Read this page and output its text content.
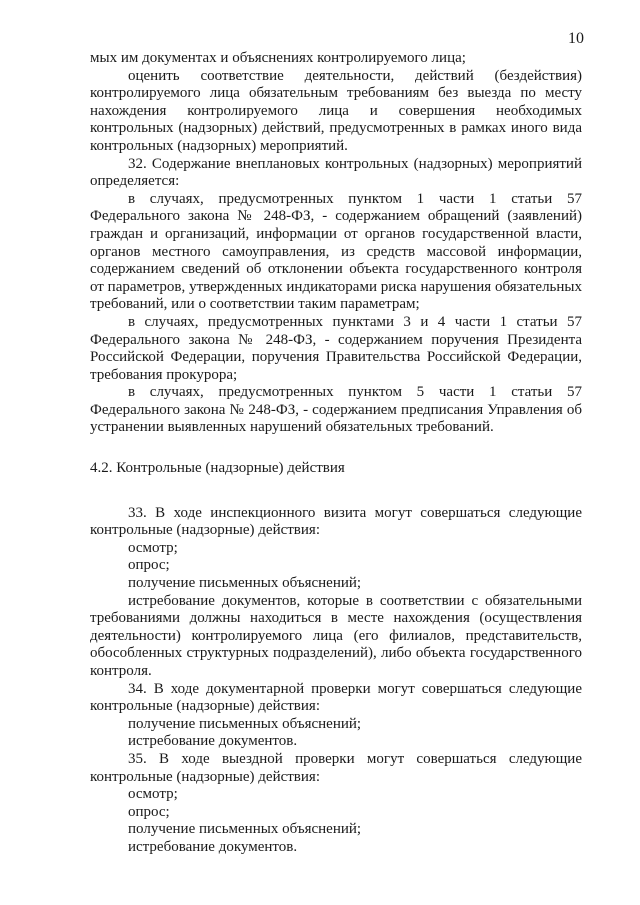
10

мых им документах и объяснениях контролируемого лица;

оценить соответствие деятельности, действий (бездействия) контролируемого лица обязательным требованиям без выезда по месту нахождения контролируемого лица и совершения необходимых контрольных (надзорных) действий, предусмотренных в рамках иного вида контрольных (надзорных) мероприятий.

32. Содержание внеплановых контрольных (надзорных) мероприятий определяется:

в случаях, предусмотренных пунктом 1 части 1 статьи 57 Федерального закона № 248-ФЗ, - содержанием обращений (заявлений) граждан и организаций, информации от органов государственной власти, органов местного самоуправления, из средств массовой информации, содержанием сведений об отклонении объекта государственного контроля от параметров, утвержденных индикаторами риска нарушения обязательных требований, или о соответствии таким параметрам;

в случаях, предусмотренных пунктами 3 и 4 части 1 статьи 57 Федерального закона № 248-ФЗ, - содержанием поручения Президента Российской Федерации, поручения Правительства Российской Федерации, требования прокурора;

в случаях, предусмотренных пунктом 5 части 1 статьи 57 Федерального закона № 248-ФЗ, - содержанием предписания Управления об устранении выявленных нарушений обязательных требований.

4.2. Контрольные (надзорные) действия

33. В ходе инспекционного визита могут совершаться следующие контрольные (надзорные) действия:

осмотр;

опрос;

получение письменных объяснений;

истребование документов, которые в соответствии с обязательными требованиями должны находиться в месте нахождения (осуществления деятельности) контролируемого лица (его филиалов, представительств, обособленных структурных подразделений), либо объекта государственного контроля.

34. В ходе документарной проверки могут совершаться следующие контрольные (надзорные) действия:

получение письменных объяснений;

истребование документов.

35. В ходе выездной проверки могут совершаться следующие контрольные (надзорные) действия:

осмотр;

опрос;

получение письменных объяснений;

истребование документов.
